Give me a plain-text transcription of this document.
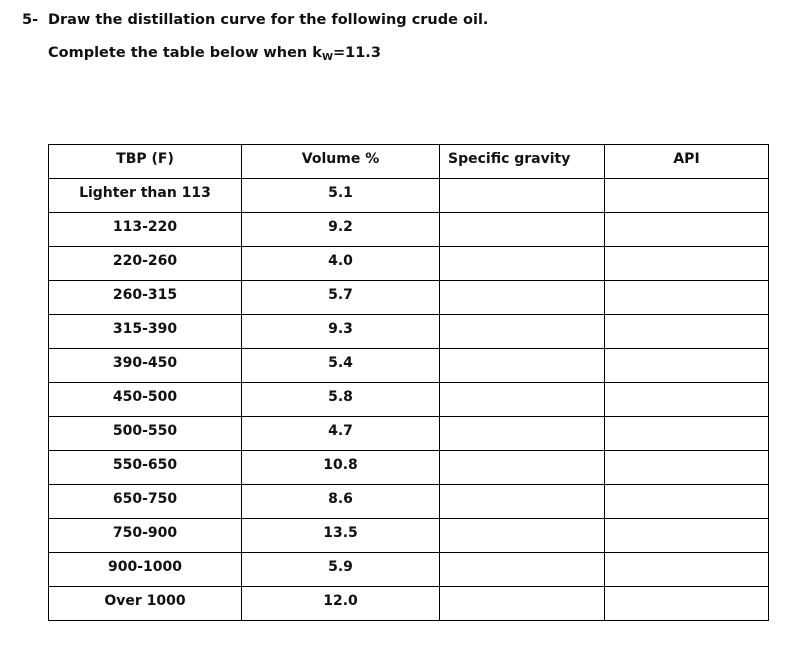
5- Draw the distillation curve for the following crude oil.
Complete the table below when $k_W=11.3$
TBP (F)	Volume %	Specific gravity	API

Lighter than 113	5.1		

113-220	9.2		

220-260	4.0		

260-315	5.7		

315-390	9.3		

390-450	5.4		

450-500	5.8		

500-550	4.7		

550-650	10.8		

650-750	8.6		

750-900	13.5		

900-1000	5.9		

Over 1000	12.0		
